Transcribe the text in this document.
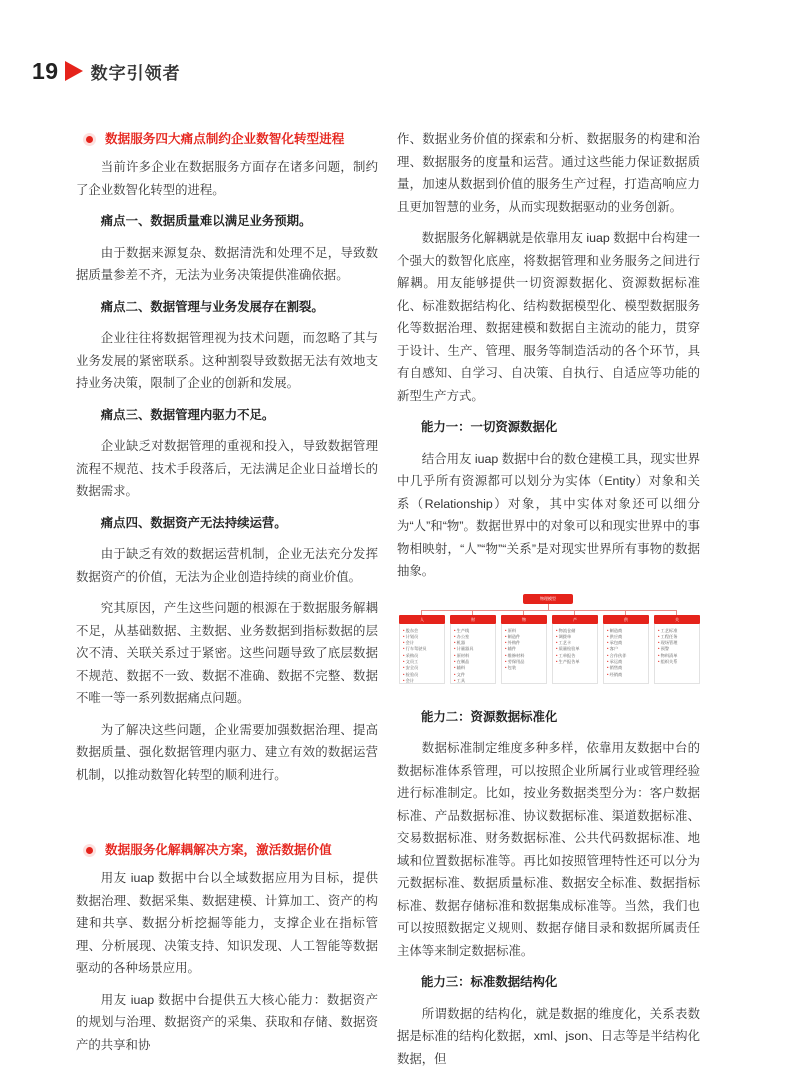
19 数字引领者
数据服务四大痛点制约企业数智化转型进程

当前许多企业在数据服务方面存在诸多问题，制约了企业数智化转型的进程。

痛点一、数据质量难以满足业务预期。

由于数据来源复杂、数据清洗和处理不足，导致数据质量参差不齐，无法为业务决策提供准确依据。

痛点二、数据管理与业务发展存在割裂。

企业往往将数据管理视为技术问题，而忽略了其与业务发展的紧密联系。这种割裂导致数据无法有效地支持业务决策，限制了企业的创新和发展。

痛点三、数据管理内驱力不足。

企业缺乏对数据管理的重视和投入，导致数据管理流程不规范、技术手段落后，无法满足企业日益增长的数据需求。

痛点四、数据资产无法持续运营。

由于缺乏有效的数据运营机制，企业无法充分发挥数据资产的价值，无法为企业创造持续的商业价值。

究其原因，产生这些问题的根源在于数据服务解耦不足，从基础数据、主数据、业务数据到指标数据的层次不清、关联关系过于紧密。这些问题导致了底层数据不规范、数据不一致、数据不准确、数据不完整、数据不唯一等一系列数据痛点问题。

为了解决这些问题，企业需要加强数据治理、提高数据质量、强化数据管理内驱力、建立有效的数据运营机制，以推动数智化转型的顺利进行。

数据服务化解耦解决方案，激活数据价值

用友 iuap 数据中台以全域数据应用为目标，提供数据治理、数据采集、数据建模、计算加工、资产的构建和共享、数据分析挖掘等能力，支撑企业在指标管理、分析展现、决策支持、知识发现、人工智能等数据驱动的各种场景应用。

用友 iuap 数据中台提供五大核心能力：数据资产的规划与治理、数据资产的采集、获取和存储、数据资产的共享和协

作、数据业务价值的探索和分析、数据服务的构建和治理、数据服务的度量和运营。通过这些能力保证数据质量，加速从数据到价值的服务生产过程，打造高响应力且更加智慧的业务，从而实现数据驱动的业务创新。

数据服务化解耦就是依靠用友 iuap 数据中台构建一个强大的数智化底座，将数据管理和业务服务之间进行解耦。用友能够提供一切资源数据化、资源数据标准化、标准数据结构化、结构数据模型化、模型数据服务化等数据治理、数据建模和数据自主流动的能力，贯穿于设计、生产、管理、服务等制造活动的各个环节，具有自感知、自学习、自决策、自执行、自适应等功能的新型生产方式。

能力一：一切资源数据化

结合用友 iuap 数据中台的数仓建模工具，现实世界中几乎所有资源都可以划分为实体（Entity）对象和关系（Relationship）对象，其中实体对象还可以细分为“人”和“物”。数据世界中的对象可以和现实世界中的事物相映射，“人”“物”“关系”是对现实世界所有事物的数据抽象。

物理模型
人
• 股东会
• 计划员
• 会计
• 行车驾驶员
• 采购员
• 文员工
• 安全员
• 检验员
• 会计
财
• 生产线
• 办公室
• 机器
• 计量器具
• 原材料
• 在制品
• 辅料
• 文件
• 工具
物
• 原料
• 制造件
• 外购件
• 辅件
• 维修材料
• 劳保用品
• 包装
产
• 物流仓储
• 调拨单
• 工艺卡
• 质量检验单
• 工单报告
• 生产报告单
供
• 制造商
• 供应商
• 承包商
• 客户
• 合作伙伴
• 承运商
• 销售商
• 经销商
关
• 工艺标准
• 工程任务
• 现场管理
• 预警
• 物料清单
• 组织关系

能力二：资源数据标准化

数据标准制定维度多种多样，依靠用友数据中台的数据标准体系管理，可以按照企业所属行业或管理经验进行标准制定。比如，按业务数据类型分为：客户数据标准、产品数据标准、协议数据标准、渠道数据标准、交易数据标准、财务数据标准、公共代码数据标准、地域和位置数据标准等。再比如按照管理特性还可以分为元数据标准、数据质量标准、数据安全标准、数据指标标准、数据存储标准和数据集成标准等。当然，我们也可以按照数据定义规则、数据存储目录和数据所属责任主体等来制定数据标准。

能力三：标准数据结构化

所谓数据的结构化，就是数据的维度化，关系表数据是标准的结构化数据，xml、json、日志等是半结构化数据，但
